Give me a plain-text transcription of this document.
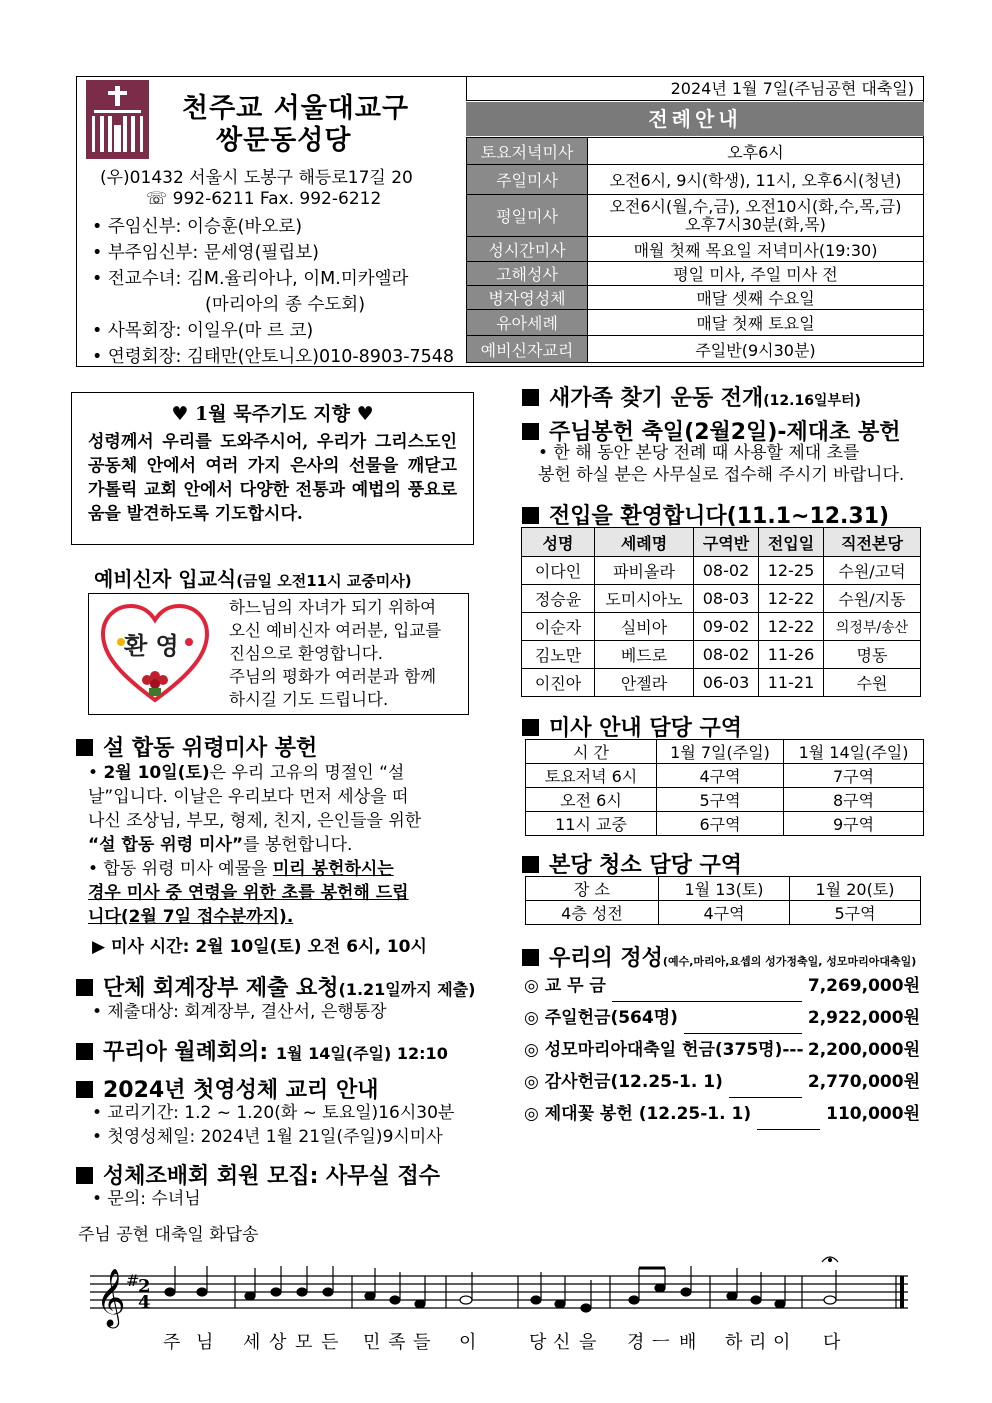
천주교 서울대교구
쌍문동성당
(우)01432 서울시 도봉구 해등로17길 20
☏ 992-6211 Fax. 992-6212
• 주임신부: 이승훈(바오로)
• 부주임신부: 문세영(필립보)
• 전교수녀: 김M.율리아나, 이M.미카엘라
(마리아의 종 수도회)
• 사목회장: 이일우(마 르 코)
• 연령회장: 김태만(안토니오)010-8903-7548
2024년 1월 7일(주님공현 대축일)
전례안내
토요저녁미사	오후6시
주일미사	오전6시, 9시(학생), 11시, 오후6시(청년)
평일미사	오전6시(월,수,금), 오전10시(화,수,목,금)
오후7시30분(화,목)

성시간미사	매월 첫째 목요일 저녁미사(19:30)
고해성사	평일 미사, 주일 미사 전
병자영성체	매달 셋째 수요일
유아세례	매달 첫째 토요일
예비신자교리	주일반(9시30분)
♥ 1월 묵주기도 지향 ♥
성령께서 우리를 도와주시어, 우리가 그리스도인 공동체 안에서 여러 가지 은사의 선물을 깨닫고 가톨릭 교회 안에서 다양한 전통과 예법의 풍요로움을 발견하도록 기도합시다.
예비신자 입교식(금일 오전11시 교중미사)
환 영
하느님의 자녀가 되기 위하여
오신 예비신자 여러분, 입교를
진심으로 환영합니다.
주님의 평화가 여러분과 함께
하시길 기도 드립니다.
설 합동 위령미사 봉헌
• 2월 10일(토)은 우리 고유의 명절인 “설
날”입니다. 이날은 우리보다 먼저 세상을 떠
나신 조상님, 부모, 형제, 친지, 은인들을 위한
“설 합동 위령 미사”를 봉헌합니다.
• 합동 위령 미사 예물을 미리 봉헌하시는
경우 미사 중 연령을 위한 초를 봉헌해 드립
니다(2월 7일 접수분까지).
▶ 미사 시간: 2월 10일(토) 오전 6시, 10시
단체 회계장부 제출 요청(1.21일까지 제출)
• 제출대상: 회계장부, 결산서, 은행통장
꾸리아 월례회의: 1월 14일(주일) 12:10
2024년 첫영성체 교리 안내
• 교리기간: 1.2 ~ 1.20(화 ~ 토요일)16시30분
• 첫영성체일: 2024년 1월 21일(주일)9시미사
성체조배회 회원 모집: 사무실 접수
• 문의: 수녀님
새가족 찾기 운동 전개(12.16일부터)
주님봉헌 축일(2월2일)-제대초 봉헌
• 한 해 동안 본당 전례 때 사용할 제대 초를
봉헌 하실 분은 사무실로 접수해 주시기 바랍니다.
전입을 환영합니다(11.1~12.31)
성명	세례명	구역반	전입일	직전본당
이다인	파비올라	08-02	12-25	수원/고덕
정승윤	도미시아노	08-03	12-22	수원/지동
이순자	실비아	09-02	12-22	의정부/송산
김노만	베드로	08-02	11-26	명동
이진아	안젤라	06-03	11-21	수원
미사 안내 담당 구역
시 간	1월 7일(주일)	1월 14일(주일)
토요저녁 6시	4구역	7구역
오전 6시	5구역	8구역
11시 교중	6구역	9구역
본당 청소 담당 구역
장 소	1월 13(토)	1월 20(토)
4층 성전	4구역	5구역
우리의 정성(예수,마리아,요셉의 성가정축일, 성모마리아대축일)
◎ 교 무 금	7,269,000원
◎ 주일헌금(564명)	2,922,000원
◎ 성모마리아대축일 헌금(375명)--- 2,200,000원
◎ 감사헌금(12.25-1. 1)	2,770,000원
◎ 제대꽃 봉헌 (12.25-1. 1)	110,000원
주님 공현 대축일 화답송
𝄞 #
2
4
주 님 세 상 모 든 민 족 들 이	당 신 을 경 ㅡ 배 하 리 이 다
